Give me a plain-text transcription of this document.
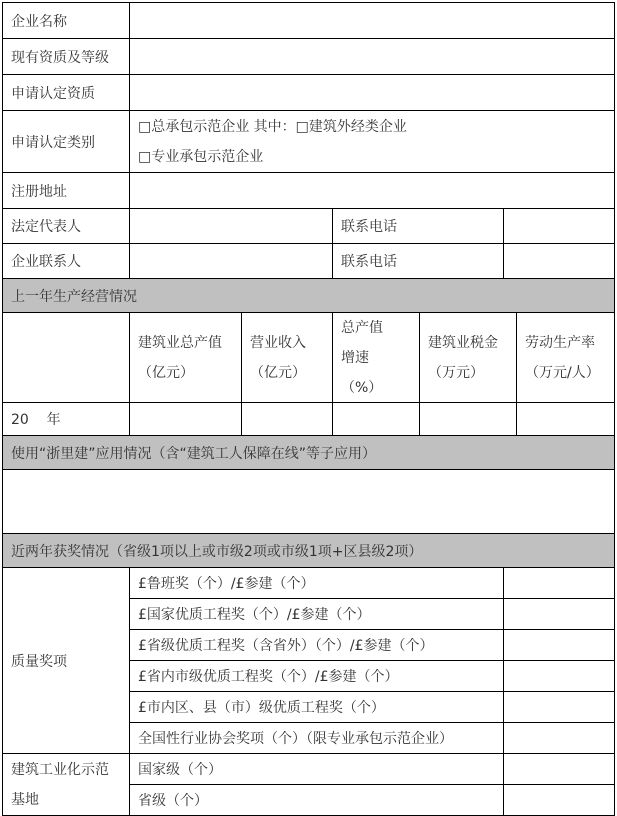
企业名称
现有资质及等级
申请认定资质
申请认定类别
□总承包示范企业 其中：□建筑外经类企业
□专业承包示范企业
注册地址
法定代表人	联系电话
企业联系人	联系电话
上一年生产经营情况
建筑业总产值
（亿元）
营业收入
（亿元）
总产值
增速
（%）
建筑业税金
（万元）
劳动生产率
（万元/人）
20    年
使用“浙里建”应用情况（含“建筑工人保障在线”等子应用）
近两年获奖情况（省级1项以上或市级2项或市级1项+区县级2项）
质量奖项
£鲁班奖（个）/£参建（个）
£国家优质工程奖（个）/£参建（个）
£省级优质工程奖（含省外）（个）/£参建（个）
£省内市级优质工程奖（个）/£参建（个）
£市内区、县（市）级优质工程奖（个）
全国性行业协会奖项（个）（限专业承包示范企业）
建筑工业化示范
基地
国家级（个）
省级（个）
